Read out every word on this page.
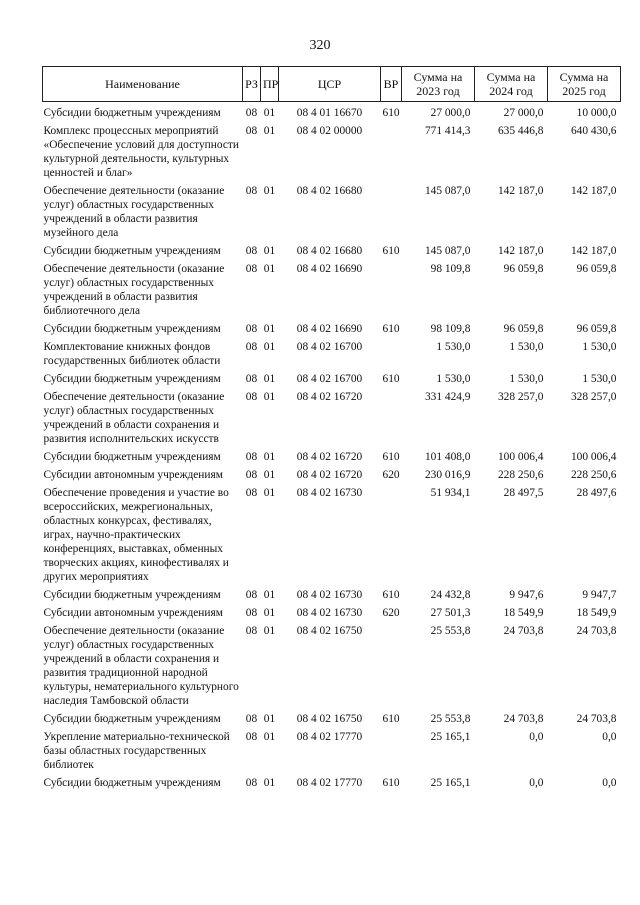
320
Наименование	РЗ	ПР	ЦСР	ВР	Сумма на 2023 год	Сумма на 2024 год	Сумма на 2025 год

Субсидии бюджетным учреждениям	08	01	08 4 01 16670	610	27 000,0	27 000,0	10 000,0

Комплекс процессных мероприятий «Обеспечение условий для доступности культурной деятельности, культурных ценностей и благ»	08	01	08 4 02 00000		771 414,3	635 446,8	640 430,6

Обеспечение деятельности (оказание услуг) областных государственных учреждений в области развития музейного дела	08	01	08 4 02 16680		145 087,0	142 187,0	142 187,0

Субсидии бюджетным учреждениям	08	01	08 4 02 16680	610	145 087,0	142 187,0	142 187,0

Обеспечение деятельности (оказание услуг) областных государственных учреждений в области развития библиотечного дела	08	01	08 4 02 16690		98 109,8	96 059,8	96 059,8

Субсидии бюджетным учреждениям	08	01	08 4 02 16690	610	98 109,8	96 059,8	96 059,8

Комплектование книжных фондов государственных библиотек области	08	01	08 4 02 16700		1 530,0	1 530,0	1 530,0

Субсидии бюджетным учреждениям	08	01	08 4 02 16700	610	1 530,0	1 530,0	1 530,0

Обеспечение деятельности (оказание услуг) областных государственных учреждений в области сохранения и развития исполнительских искусств	08	01	08 4 02 16720		331 424,9	328 257,0	328 257,0

Субсидии бюджетным учреждениям	08	01	08 4 02 16720	610	101 408,0	100 006,4	100 006,4

Субсидии автономным учреждениям	08	01	08 4 02 16720	620	230 016,9	228 250,6	228 250,6

Обеспечение проведения и участие во всероссийских, межрегиональных, областных конкурсах, фестивалях, играх, научно-практических конференциях, выставках, обменных творческих акциях, кинофестивалях и других мероприятиях	08	01	08 4 02 16730		51 934,1	28 497,5	28 497,6

Субсидии бюджетным учреждениям	08	01	08 4 02 16730	610	24 432,8	9 947,6	9 947,7

Субсидии автономным учреждениям	08	01	08 4 02 16730	620	27 501,3	18 549,9	18 549,9

Обеспечение деятельности (оказание услуг) областных государственных учреждений в области сохранения и развития традиционной народной культуры, нематериального культурного наследия Тамбовской области	08	01	08 4 02 16750		25 553,8	24 703,8	24 703,8

Субсидии бюджетным учреждениям	08	01	08 4 02 16750	610	25 553,8	24 703,8	24 703,8

Укрепление материально-технической базы областных государственных библиотек	08	01	08 4 02 17770		25 165,1	0,0	0,0

Субсидии бюджетным учреждениям	08	01	08 4 02 17770	610	25 165,1	0,0	0,0
